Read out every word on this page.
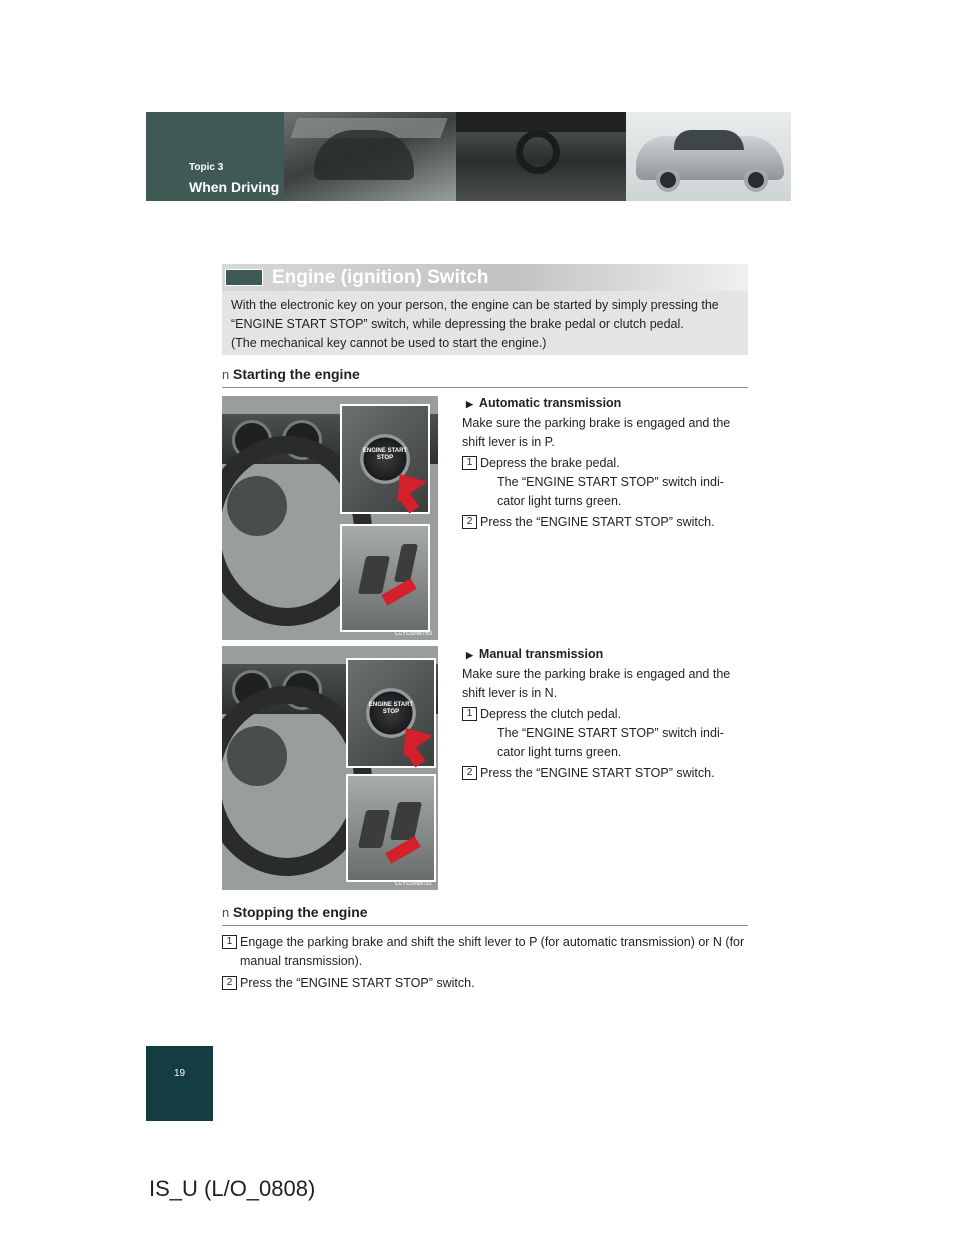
Topic 3
When Driving
Engine (ignition) Switch
With the electronic key on your person, the engine can be started by simply pressing the
“ENGINE START STOP” switch, while depressing the brake pedal or clutch pedal.
(The mechanical key cannot be used to start the engine.)
n Starting the engine
ENGINE START STOP
CLYO3AB763
▶ Automatic transmission
Make sure the parking brake is engaged and the shift lever is in P.
1 Depress the brake pedal.
The “ENGINE START STOP” switch indi- cator light turns green.
2 Press the “ENGINE START STOP” switch.
ENGINE START STOP
CLYO3AB032
▶ Manual transmission
Make sure the parking brake is engaged and the shift lever is in N.
1 Depress the clutch pedal.
The “ENGINE START STOP” switch indi- cator light turns green.
2 Press the “ENGINE START STOP” switch.
n Stopping the engine
1 Engage the parking brake and shift the shift lever to P (for automatic transmission) or N (for manual transmission).
2 Press the “ENGINE START STOP” switch.
19
IS_U (L/O_0808)
